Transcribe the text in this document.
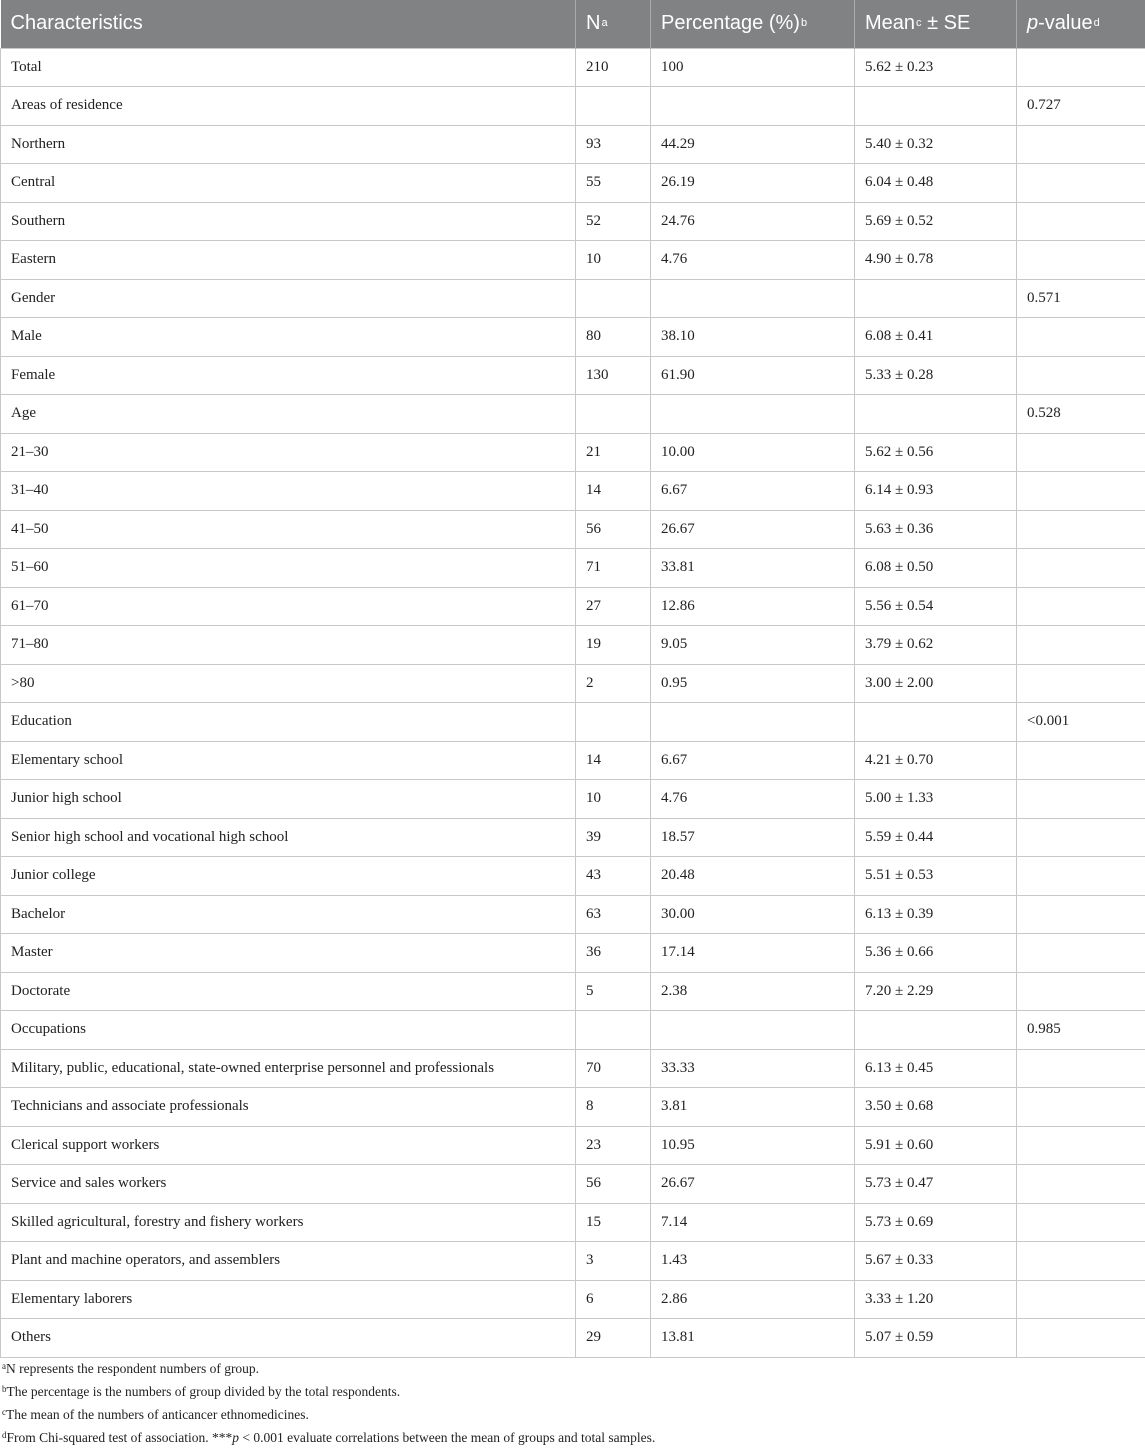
Characteristics	$N^a$	Percentage (%)$^b$	Mean$^c$ ± SE	p-value$^d$
Total	210	100	5.62 ± 0.23	
Areas of residence				0.727
Northern	93	44.29	5.40 ± 0.32	
Central	55	26.19	6.04 ± 0.48	
Southern	52	24.76	5.69 ± 0.52	
Eastern	10	4.76	4.90 ± 0.78	
Gender				0.571
Male	80	38.10	6.08 ± 0.41	
Female	130	61.90	5.33 ± 0.28	
Age				0.528
21–30	21	10.00	5.62 ± 0.56	
31–40	14	6.67	6.14 ± 0.93	
41–50	56	26.67	5.63 ± 0.36	
51–60	71	33.81	6.08 ± 0.50	
61–70	27	12.86	5.56 ± 0.54	
71–80	19	9.05	3.79 ± 0.62	
>80	2	0.95	3.00 ± 2.00	
Education				<0.001
Elementary school	14	6.67	4.21 ± 0.70	
Junior high school	10	4.76	5.00 ± 1.33	
Senior high school and vocational high school	39	18.57	5.59 ± 0.44	
Junior college	43	20.48	5.51 ± 0.53	
Bachelor	63	30.00	6.13 ± 0.39	
Master	36	17.14	5.36 ± 0.66	
Doctorate	5	2.38	7.20 ± 2.29	
Occupations				0.985
Military, public, educational, state-owned enterprise personnel and professionals	70	33.33	6.13 ± 0.45	
Technicians and associate professionals	8	3.81	3.50 ± 0.68	
Clerical support workers	23	10.95	5.91 ± 0.60	
Service and sales workers	56	26.67	5.73 ± 0.47	
Skilled agricultural, forestry and fishery workers	15	7.14	5.73 ± 0.69	
Plant and machine operators, and assemblers	3	1.43	5.67 ± 0.33	
Elementary laborers	6	2.86	3.33 ± 1.20	
Others	29	13.81	5.07 ± 0.59	
$^a$N represents the respondent numbers of group.
$^b$The percentage is the numbers of group divided by the total respondents.
$^c$The mean of the numbers of anticancer ethnomedicines.
$^d$From Chi-squared test of association. ***p < 0.001 evaluate correlations between the mean of groups and total samples.
